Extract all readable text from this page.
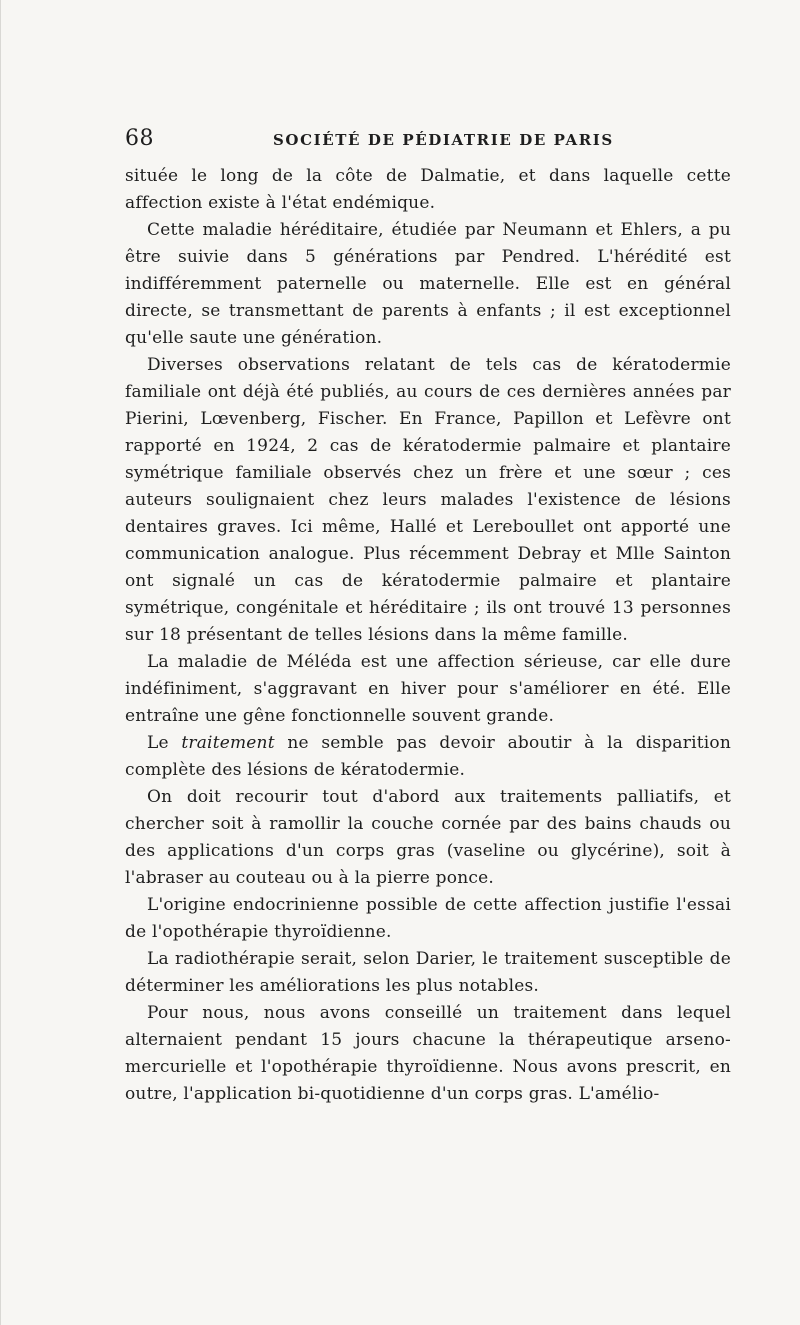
68	SOCIÉTÉ DE PÉDIATRIE DE PARIS

située le long de la côte de Dalmatie, et dans laquelle cette affection existe à l'état endémique.

Cette maladie héréditaire, étudiée par Neumann et Ehlers, a pu être suivie dans 5 générations par Pendred. L'hérédité est indifféremment paternelle ou maternelle. Elle est en général directe, se transmettant de parents à enfants ; il est exceptionnel qu'elle saute une génération.

Diverses observations relatant de tels cas de kératodermie familiale ont déjà été publiés, au cours de ces dernières années par Pierini, Lœvenberg, Fischer. En France, Papillon et Lefèvre ont rapporté en 1924, 2 cas de kératodermie palmaire et plantaire symétrique familiale observés chez un frère et une sœur ; ces auteurs soulignaient chez leurs malades l'existence de lésions dentaires graves. Ici même, Hallé et Lereboullet ont apporté une communication analogue. Plus récemment Debray et Mlle Sainton ont signalé un cas de kératodermie palmaire et plantaire symétrique, congénitale et héréditaire ; ils ont trouvé 13 personnes sur 18 présentant de telles lésions dans la même famille.

La maladie de Méléda est une affection sérieuse, car elle dure indéfiniment, s'aggravant en hiver pour s'améliorer en été. Elle entraîne une gêne fonctionnelle souvent grande.

Le traitement ne semble pas devoir aboutir à la disparition complète des lésions de kératodermie.

On doit recourir tout d'abord aux traitements palliatifs, et chercher soit à ramollir la couche cornée par des bains chauds ou des applications d'un corps gras (vaseline ou glycérine), soit à l'abraser au couteau ou à la pierre ponce.

L'origine endocrinienne possible de cette affection justifie l'essai de l'opothérapie thyroïdienne.

La radiothérapie serait, selon Darier, le traitement susceptible de déterminer les améliorations les plus notables.

Pour nous, nous avons conseillé un traitement dans lequel alternaient pendant 15 jours chacune la thérapeutique arseno-mercurielle et l'opothérapie thyroïdienne. Nous avons prescrit, en outre, l'application bi-quotidienne d'un corps gras. L'amélio-
